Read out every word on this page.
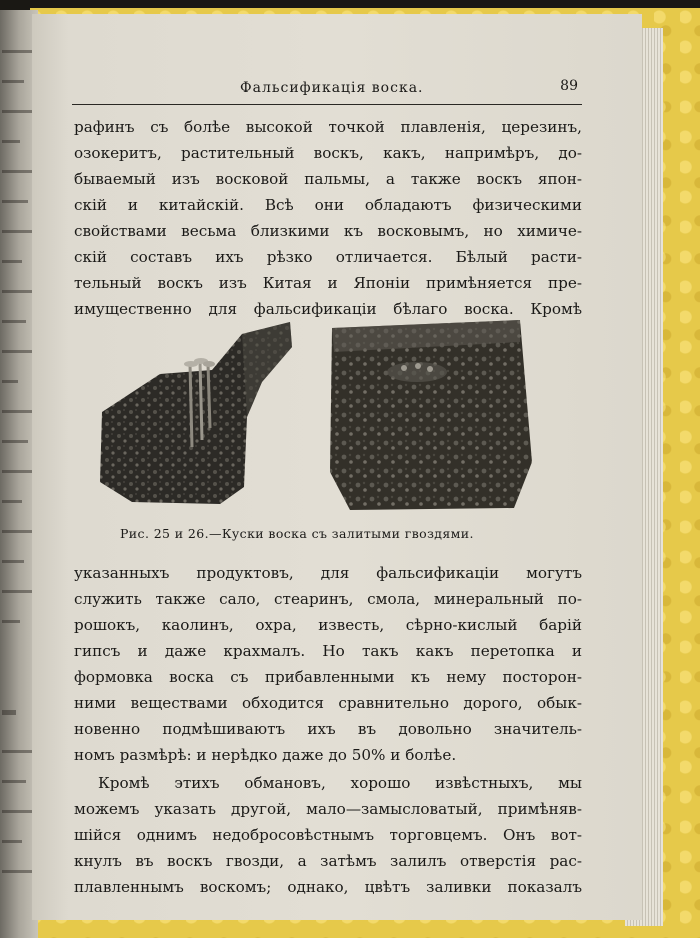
Фальсификація воска.	89
рафинъ съ болѣе высокой точкой плавленія, церезинъ,
озокеритъ, растительный воскъ, какъ, напримѣръ, до-
бываемый изъ восковой пальмы, а также воскъ япон-
скій и китайскій. Всѣ они обладаютъ физическими
свойствами весьма близкими къ восковымъ, но химиче-
скій составъ ихъ рѣзко отличается. Бѣлый расти-
тельный воскъ изъ Китая и Японіи примѣняется пре-
имущественно для фальсификаціи бѣлаго воска. Кромѣ
Рис. 25 и 26.—Куски воска съ залитыми гвоздями.
указанныхъ продуктовъ, для фальсификаціи могутъ
служить также сало, стеаринъ, смола, минеральный по-
рошокъ, каолинъ, охра, известь, сѣрно-кислый барій
гипсъ и даже крахмалъ. Но такъ какъ перетопка и
формовка воска съ прибавленными къ нему посторон-
ними веществами обходится сравнительно дорого, обык-
новенно подмѣшиваютъ ихъ въ довольно значитель-
номъ размѣрѣ: и нерѣдко даже до 50% и болѣе.
Кромѣ этихъ обмановъ, хорошо извѣстныхъ, мы
можемъ указать другой, мало—замысловатый, примѣняв-
шійся однимъ недобросовѣстнымъ торговцемъ. Онъ вот-
кнулъ въ воскъ гвозди, а затѣмъ залилъ отверстія рас-
плавленнымъ воскомъ; однако, цвѣтъ заливки показалъ
